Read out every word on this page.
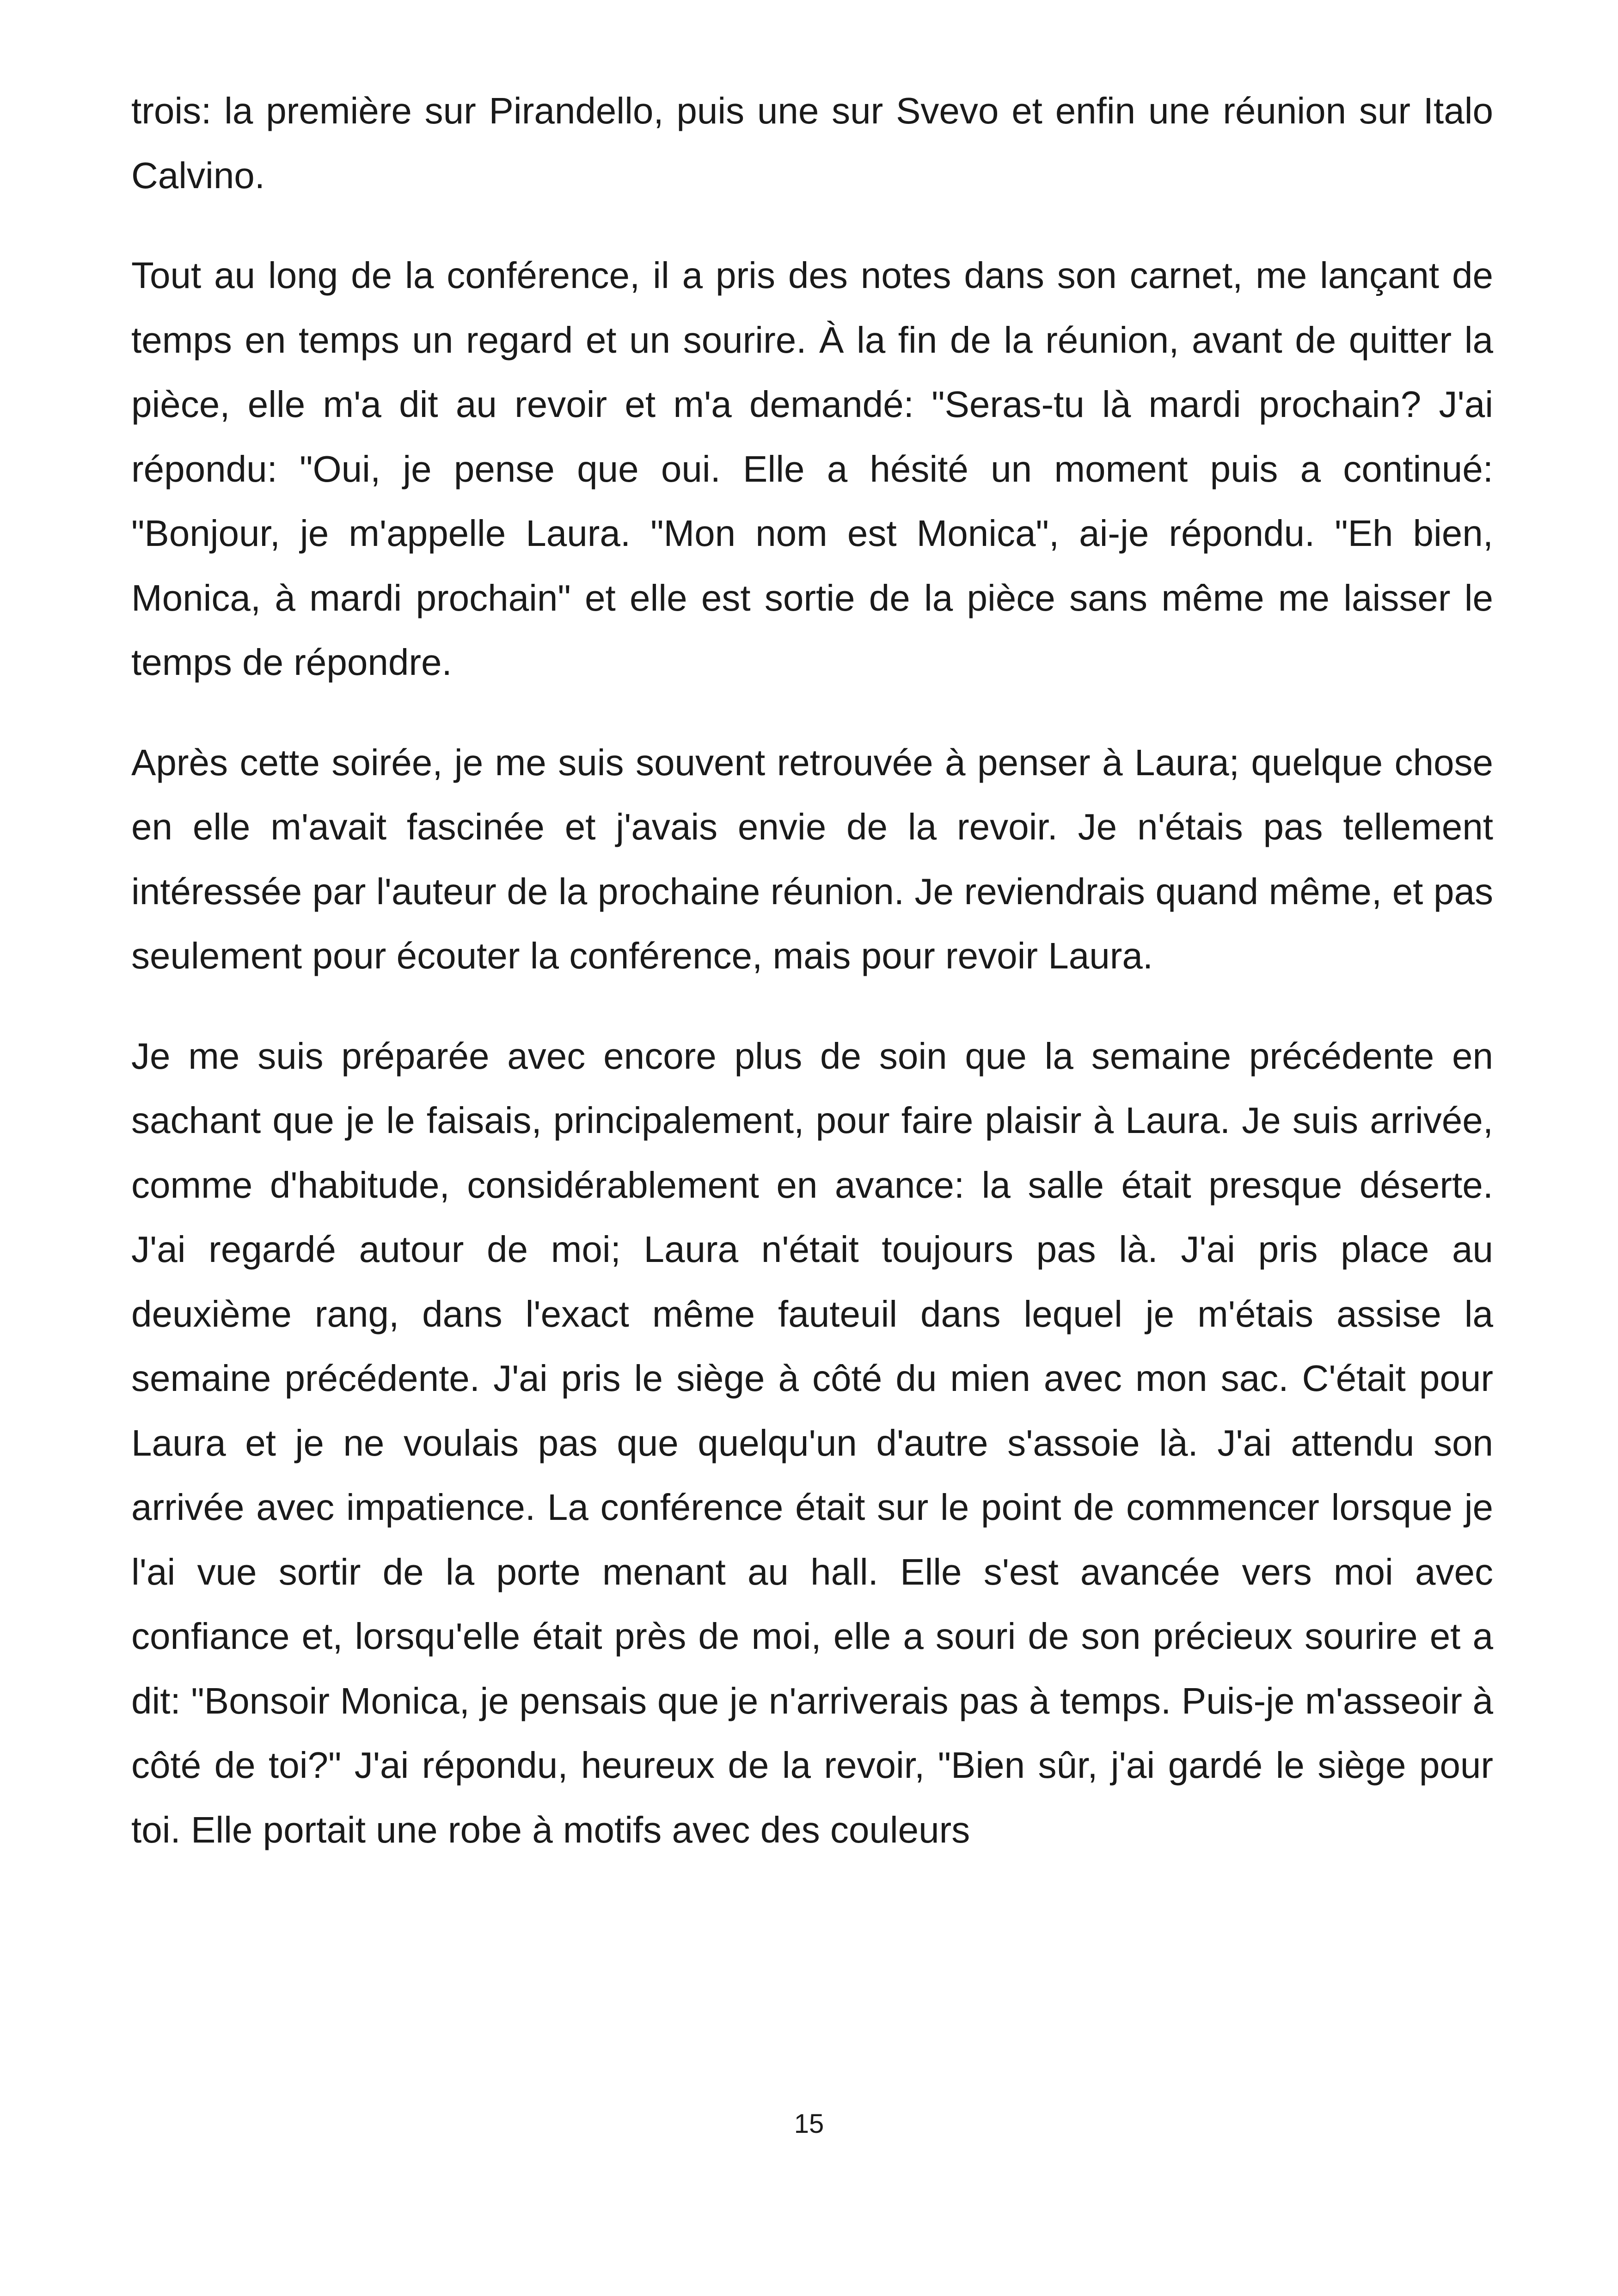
trois: la première sur Pirandello, puis une sur Svevo et enfin une réunion sur Italo Calvino.

Tout au long de la conférence, il a pris des notes dans son carnet, me lançant de temps en temps un regard et un sourire. À la fin de la réunion, avant de quitter la pièce, elle m'a dit au revoir et m'a demandé: "Seras-tu là mardi prochain? J'ai répondu: "Oui, je pense que oui. Elle a hésité un moment puis a continué: "Bonjour, je m'appelle Laura. "Mon nom est Monica", ai-je répondu. "Eh bien, Monica, à mardi prochain" et elle est sortie de la pièce sans même me laisser le temps de répondre.

Après cette soirée, je me suis souvent retrouvée à penser à Laura; quelque chose en elle m'avait fascinée et j'avais envie de la revoir. Je n'étais pas tellement intéressée par l'auteur de la prochaine réunion. Je reviendrais quand même, et pas seulement pour écouter la conférence, mais pour revoir Laura.

Je me suis préparée avec encore plus de soin que la semaine précédente en sachant que je le faisais, principalement, pour faire plaisir à Laura. Je suis arrivée, comme d'habitude, considérablement en avance: la salle était presque déserte. J'ai regardé autour de moi; Laura n'était toujours pas là. J'ai pris place au deuxième rang, dans l'exact même fauteuil dans lequel je m'étais assise la semaine précédente. J'ai pris le siège à côté du mien avec mon sac. C'était pour Laura et je ne voulais pas que quelqu'un d'autre s'assoie là. J'ai attendu son arrivée avec impatience. La conférence était sur le point de commencer lorsque je l'ai vue sortir de la porte menant au hall. Elle s'est avancée vers moi avec confiance et, lorsqu'elle était près de moi, elle a souri de son précieux sourire et a dit: "Bonsoir Monica, je pensais que je n'arriverais pas à temps. Puis-je m'asseoir à côté de toi?" J'ai répondu, heureux de la revoir, "Bien sûr, j'ai gardé le siège pour toi. Elle portait une robe à motifs avec des couleurs

15
